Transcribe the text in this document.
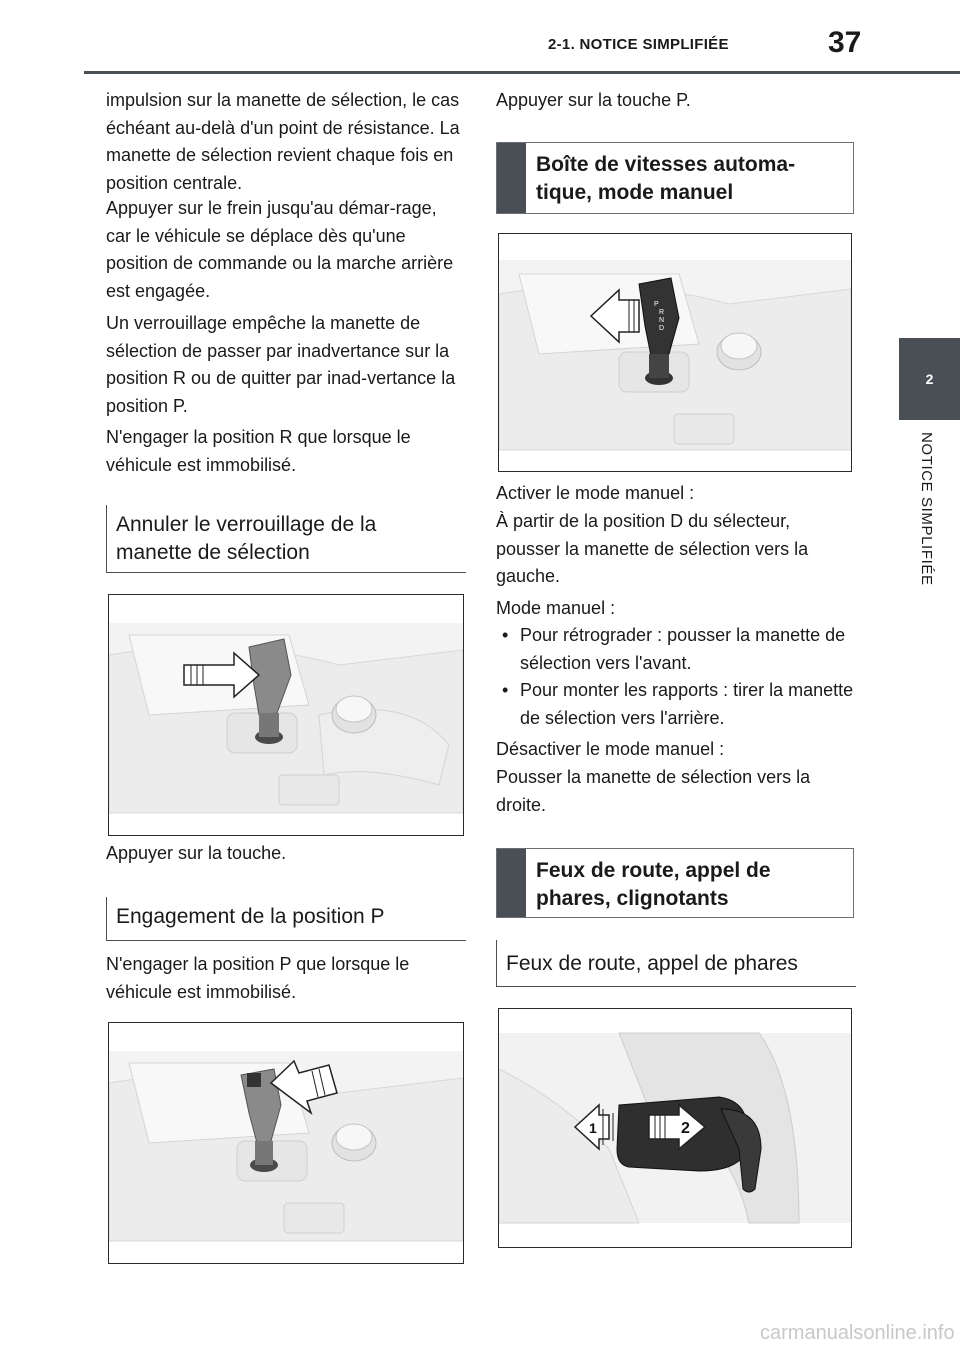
2-1. NOTICE SIMPLIFIÉE	37
2
NOTICE SIMPLIFIÉE

impulsion sur la manette de sélection, le cas échéant au-delà d'un point de résistance. La manette de sélection revient chaque fois en position centrale.

Appuyer sur le frein jusqu'au démar-rage, car le véhicule se déplace dès qu'une position de commande ou la marche arrière est engagée.

Un verrouillage empêche la manette de sélection de passer par inadvertance sur la position R ou de quitter par inad-vertance la position P.

N'engager la position R que lorsque le véhicule est immobilisé.

Annuler le verrouillage de la manette de sélection

Appuyer sur la touche.

Engagement de la position P

N'engager la position P que lorsque le véhicule est immobilisé.

Appuyer sur la touche P.

Boîte de vitesses automa-tique, mode manuel
P
R
N
D

Activer le mode manuel :

À partir de la position D du sélecteur, pousser la manette de sélection vers la gauche.

Mode manuel :

• Pour rétrograder : pousser la manette de sélection vers l'avant.
• Pour monter les rapports : tirer la manette de sélection vers l'arrière.

Désactiver le mode manuel :

Pousser la manette de sélection vers la droite.

Feux de route, appel de phares, clignotants
Feux de route, appel de phares
2
1
carmanualsonline.info
